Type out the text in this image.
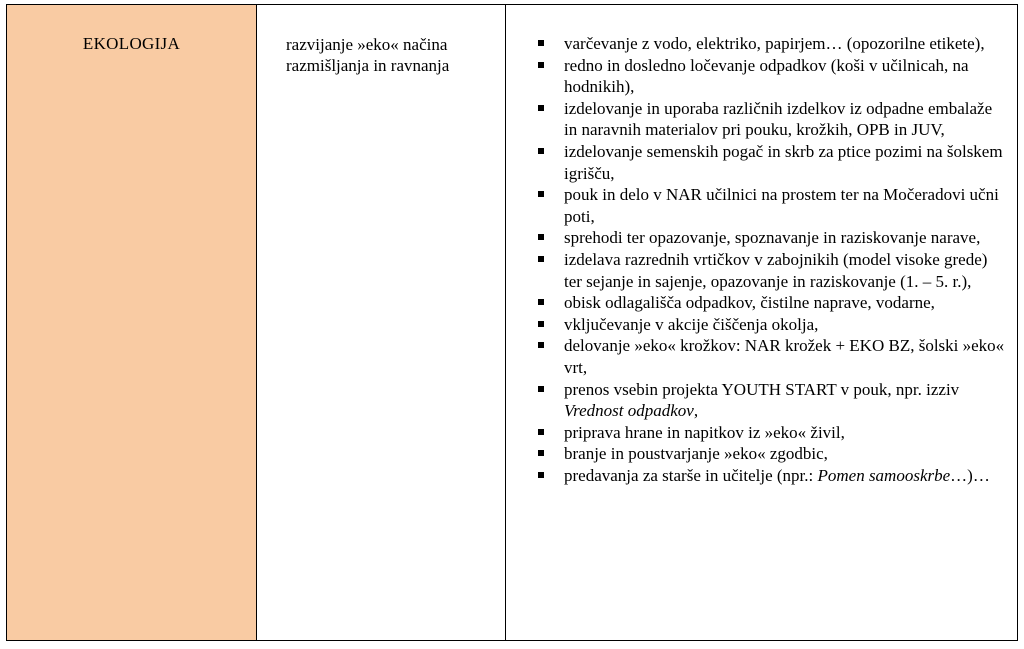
EKOLOGIJA	razvijanje »eko« načina razmišljanja in ravnanja
varčevanje z vodo, elektriko, papirjem… (opozorilne etikete),
redno in dosledno ločevanje odpadkov (koši v učilnicah, na hodnikih),
izdelovanje in uporaba različnih izdelkov iz odpadne embalaže in naravnih materialov pri pouku, krožkih, OPB in JUV,
izdelovanje semenskih pogač in skrb za ptice pozimi na šolskem igrišču,
pouk in delo v NAR učilnici na prostem ter na Močeradovi učni poti,
sprehodi ter opazovanje, spoznavanje in raziskovanje narave,
izdelava razrednih vrtičkov v zabojnikih (model visoke grede) ter sejanje in sajenje, opazovanje in raziskovanje (1. – 5. r.),
obisk odlagališča odpadkov, čistilne naprave, vodarne,
vključevanje v akcije čiščenja okolja,
delovanje »eko« krožkov: NAR krožek + EKO BZ, šolski »eko« vrt,
prenos vsebin projekta YOUTH START v pouk, npr. izziv Vrednost odpadkov,
priprava hrane in napitkov iz »eko« živil,
branje in poustvarjanje »eko« zgodbic,
predavanja za starše in učitelje (npr.: Pomen samooskrbe…)…
